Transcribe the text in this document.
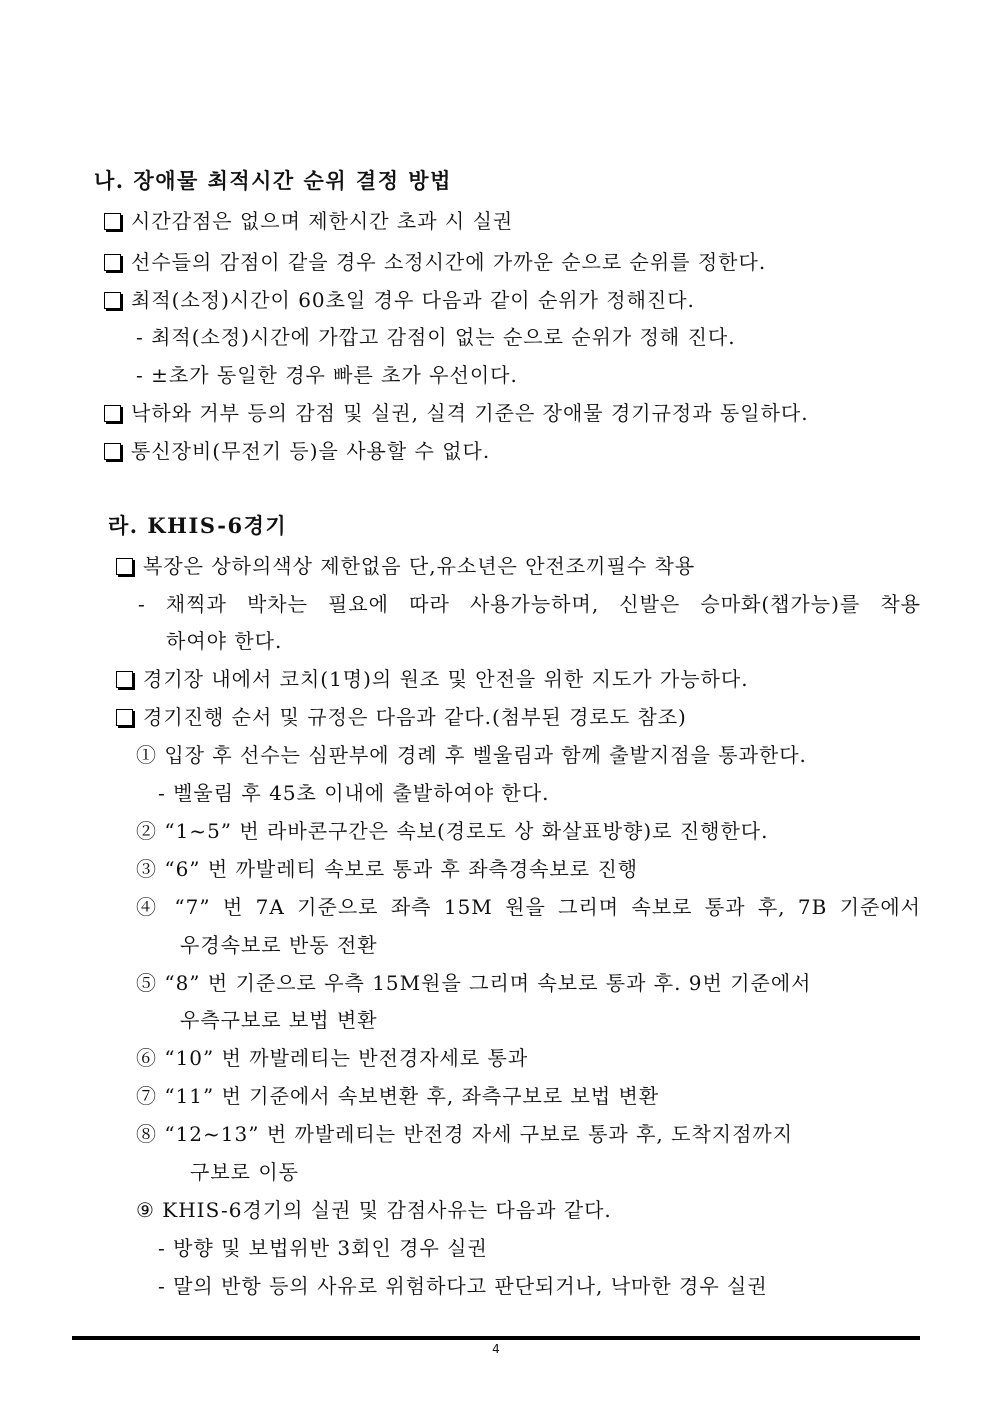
나. 장애물 최적시간 순위 결정 방법
시간감점은 없으며 제한시간 초과 시 실권
선수들의 감점이 같을 경우 소정시간에 가까운 순으로 순위를 정한다.
최적(소정)시간이 60초일 경우 다음과 같이 순위가 정해진다.
- 최적(소정)시간에 가깝고 감점이 없는 순으로 순위가 정해 진다.
- ±초가 동일한 경우 빠른 초가 우선이다.
낙하와 거부 등의 감점 및 실권, 실격 기준은 장애물 경기규정과 동일하다.
통신장비(무전기 등)을 사용할 수 없다.
라. KHIS-6경기
복장은 상하의색상 제한없음 단,유소년은 안전조끼필수 착용
- 채찍과 박차는 필요에 따라 사용가능하며, 신발은 승마화(챕가능)를 착용
하여야 한다.
경기장 내에서 코치(1명)의 원조 및 안전을 위한 지도가 가능하다.
경기진행 순서 및 규정은 다음과 같다.(첨부된 경로도 참조)
① 입장 후 선수는 심판부에 경례 후 벨울림과 함께 출발지점을 통과한다.
- 벨울림 후 45초 이내에 출발하여야 한다.
② “1~5” 번 라바콘구간은 속보(경로도 상 화살표방향)로 진행한다.
③ “6” 번 까발레티 속보로 통과 후 좌측경속보로 진행
④ “7” 번 7A 기준으로 좌측 15M 원을 그리며 속보로 통과 후, 7B 기준에서
우경속보로 반동 전환
⑤ “8” 번 기준으로 우측 15M원을 그리며 속보로 통과 후. 9번 기준에서
우측구보로 보법 변환
⑥ “10” 번 까발레티는 반전경자세로 통과
⑦ “11” 번 기준에서 속보변환 후, 좌측구보로 보법 변환
⑧ “12~13” 번 까발레티는 반전경 자세 구보로 통과 후, 도착지점까지
구보로 이동
⑨ KHIS-6경기의 실권 및 감점사유는 다음과 같다.
- 방향 및 보법위반 3회인 경우 실권
- 말의 반항 등의 사유로 위험하다고 판단되거나, 낙마한 경우 실권
4
